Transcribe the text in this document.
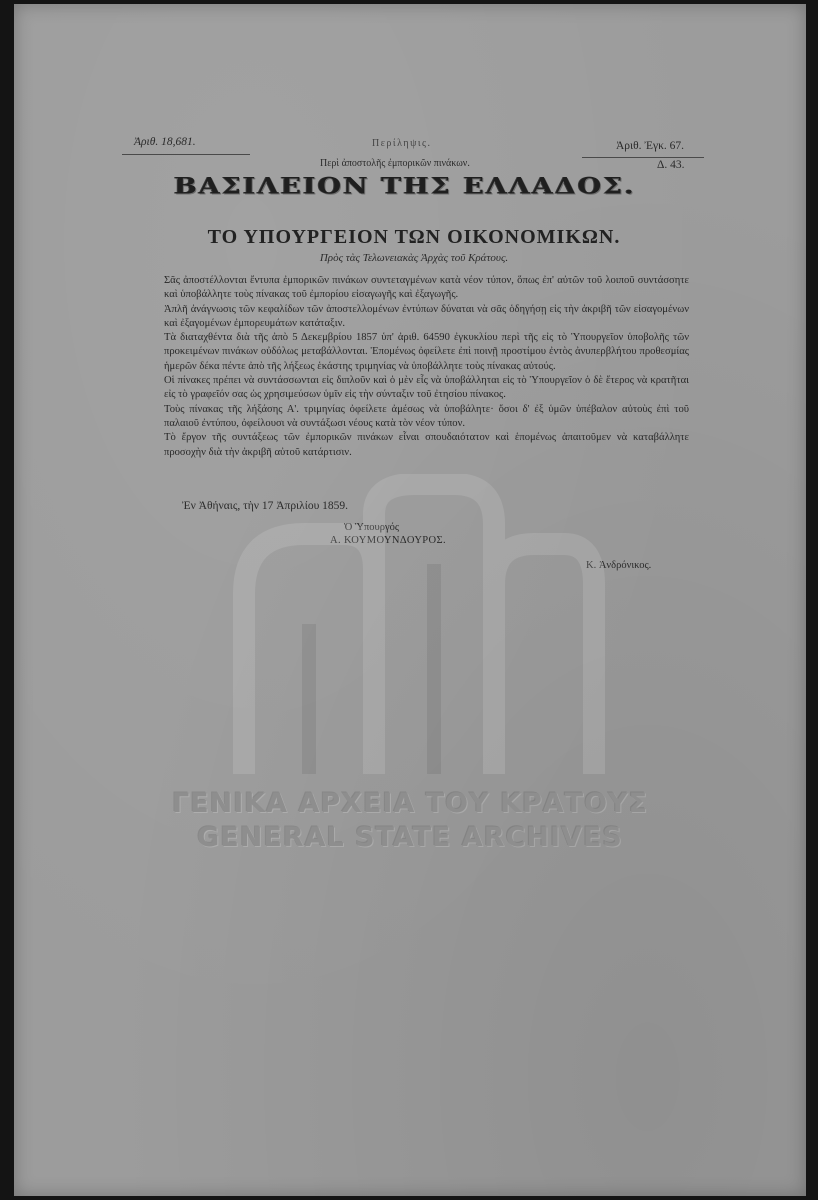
Ἀριθ. 18,681.	Περίληψις.
Περὶ ἀποστολῆς ἐμπορικῶν πινάκων.
Ἀριθ. Ἐγκ. 67.
Δ. 43.
ΒΑΣΙΛΕΙΟΝ ΤΗΣ ΕΛΛΑΔΟΣ.
ΤΟ ΥΠΟΥΡΓΕΙΟΝ ΤΩΝ ΟΙΚΟΝΟΜΙΚΩΝ.
Πρὸς τὰς Τελωνειακὰς Ἀρχὰς τοῦ Κράτους.

Σᾶς ἀποστέλλονται ἔντυπα ἐμπορικῶν πινάκων συντεταγμένων κατὰ νέον τύπον, ὅπως ἐπ' αὐτῶν τοῦ λοιποῦ συντάσσητε καὶ ὑποβάλλητε τοὺς πίνακας τοῦ ἐμπορίου εἰσαγωγῆς καὶ ἐξαγωγῆς.

Ἁπλῆ ἀνάγνωσις τῶν κεφαλίδων τῶν ἀποστελλομένων ἐντύπων δύναται νὰ σᾶς ὁδηγήσῃ εἰς τὴν ἀκριβῆ τῶν εἰσαγομένων καὶ ἐξαγομένων ἐμπορευμάτων κατάταξιν.

Τὰ διαταχθέντα διὰ τῆς ἀπὸ 5 Δεκεμβρίου 1857 ὑπ' ἀριθ. 64590 ἐγκυκλίου περὶ τῆς εἰς τὸ Ὑπουργεῖον ὑποβολῆς τῶν προκειμένων πινάκων οὐδόλως μεταβάλλονται. Ἑπομένως ὀφείλετε ἐπὶ ποινῇ προστίμου ἐντὸς ἀνυπερβλήτου προθεσμίας ἡμερῶν δέκα πέντε ἀπὸ τῆς λήξεως ἑκάστης τριμηνίας νὰ ὑποβάλλητε τοὺς πίνακας αὐτούς.

Οἱ πίνακες πρέπει νὰ συντάσσωνται εἰς διπλοῦν καὶ ὁ μὲν εἷς νὰ ὑποβάλληται εἰς τὸ Ὑπουργεῖον ὁ δὲ ἕτερος νὰ κρατῆται εἰς τὸ γραφεῖόν σας ὡς χρησιμεύσων ὑμῖν εἰς τὴν σύνταξιν τοῦ ἐτησίου πίνακος.

Τοὺς πίνακας τῆς λήξάσης Α'. τριμηνίας ὀφείλετε ἀμέσως νὰ ὑποβάλητε· ὅσοι δ' ἐξ ὑμῶν ὑπέβαλον αὐτοὺς ἐπὶ τοῦ παλαιοῦ ἐντύπου, ὀφείλουσι νὰ συντάξωσι νέους κατὰ τὸν νέον τύπον.

Τὸ ἔργον τῆς συντάξεως τῶν ἐμπορικῶν πινάκων εἶναι σπουδαιότατον καὶ ἑπομένως ἀπαιτοῦμεν νὰ καταβάλλητε προσοχὴν διὰ τὴν ἀκριβῆ αὐτοῦ κατάρτισιν.

Ἐν Ἀθήναις, τὴν 17 Ἀπριλίου 1859.
Ὁ Ὑπουργός
Α. ΚΟΥΜΟΥΝΔΟΥΡΟΣ.
Κ. Ἀνδρόνικος.
ΓΕΝΙΚΑ ΑΡΧΕΙΑ ΤΟΥ ΚΡΑΤΟΥΣ
GENERAL STATE ARCHIVES
